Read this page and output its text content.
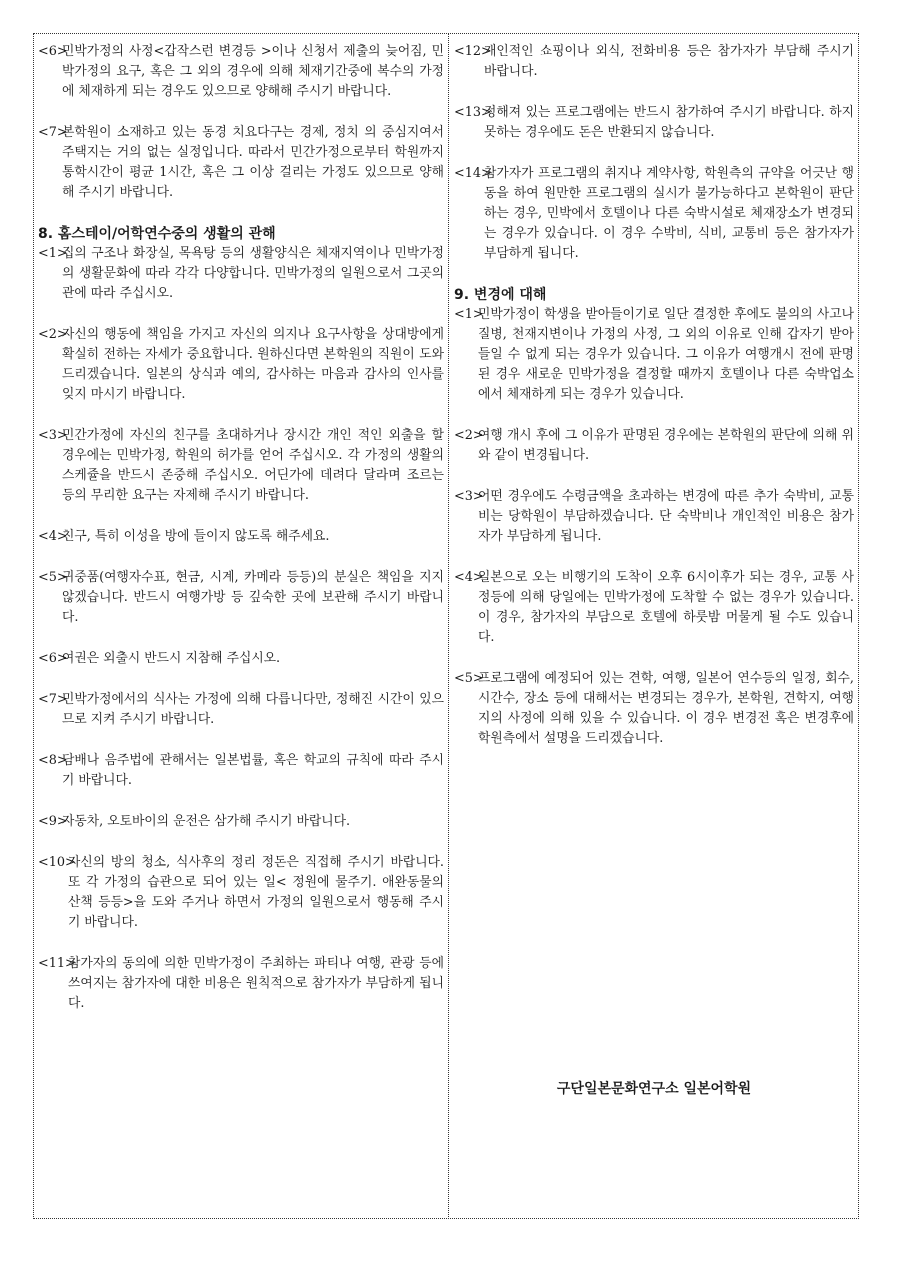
<6>
민박가정의 사정<갑작스런 변경등 >이나 신청서 제출의 늦어짐, 민박가정의 요구, 혹은 그 외의 경우에 의해 체재기간중에 복수의 가정에 체재하게 되는 경우도 있으므로 양해해 주시기 바랍니다.
<7>
본학원이 소재하고 있는 동경 치요다구는 경제, 정치 의 중심지여서 주택지는 거의 없는 실정입니다. 따라서 민간가정으로부터 학원까지 통학시간이 평균 1시간, 혹은 그 이상 걸리는 가정도 있으므로 양해해 주시기 바랍니다.
8. 홈스테이/어학연수중의 생활의 관해
<1>
집의 구조나 화장실, 목욕탕 등의 생활양식은 체재지역이나 민박가정의 생활문화에 따라 각각 다양합니다. 민박가정의 일원으로서 그곳의 관에 따라 주십시오.
<2>
자신의 행동에 책임을 가지고 자신의 의지나 요구사항을 상대방에게 확실히 전하는 자세가 중요합니다. 원하신다면 본학원의 직원이 도와 드리겠습니다. 일본의 상식과 예의, 감사하는 마음과 감사의 인사를 잊지 마시기 바랍니다.
<3>
민간가정에 자신의 친구를 초대하거나 장시간 개인 적인 외출을 할 경우에는 민박가정, 학원의 허가를 얻어 주십시오. 각 가정의 생활의 스케쥴을 반드시 존중해 주십시오. 어딘가에 데려다 달라며 조르는 등의 무리한 요구는 자제해 주시기 바랍니다.
<4>
친구, 특히 이성을 방에 들이지 않도록 해주세요.
<5>
귀중품(여행자수표, 현금, 시계, 카메라 등등)의 분실은 책임을 지지 않겠습니다. 반드시 여행가방 등 깊숙한 곳에 보관해 주시기 바랍니다.
<6>
여권은 외출시 반드시 지참해 주십시오.
<7>
민박가정에서의 식사는 가정에 의해 다릅니다만, 정해진 시간이 있으므로 지켜 주시기 바랍니다.
<8>
담배나 음주법에 관해서는 일본법률, 혹은 학교의 규칙에 따라 주시기 바랍니다.
<9>
자동차, 오토바이의 운전은 삼가해 주시기 바랍니다.
<10>
자신의 방의 청소, 식사후의 정리 정돈은 직접해 주시기 바랍니다. 또 각 가정의 습관으로 되어 있는 일< 정원에 물주기. 애완동물의 산책 등등>을 도와 주거나 하면서 가정의 일원으로서 행동해 주시기 바랍니다.
<11>
참가자의 동의에 의한 민박가정이 주최하는 파티나 여행, 관광 등에 쓰여지는 참가자에 대한 비용은 원칙적으로 참가자가 부담하게 됩니다.
<12>
개인적인 쇼핑이나 외식, 전화비용 등은 참가자가 부담해 주시기 바랍니다.
<13>
정해져 있는 프로그램에는 반드시 참가하여 주시기 바랍니다. 하지 못하는 경우에도 돈은 반환되지 않습니다.
<14>
참가자가 프로그램의 취지나 계약사항, 학원측의 규약을 어긋난 행동을 하여 원만한 프로그램의 실시가 불가능하다고 본학원이 판단하는 경우, 민박에서 호텔이나 다른 숙박시설로 체재장소가 변경되는 경우가 있습니다. 이 경우 수박비, 식비, 교통비 등은 참가자가 부담하게 됩니다.
9. 변경에 대해
<1>
민박가정이 학생을 받아들이기로 일단 결정한 후에도 불의의 사고나 질병, 천재지변이나 가정의 사정, 그 외의 이유로 인해 갑자기 받아들일 수 없게 되는 경우가 있습니다. 그 이유가 여행개시 전에 판명된 경우 새로운 민박가정을 결정할 때까지 호텔이나 다른 숙박업소에서 체재하게 되는 경우가 있습니다.
<2>
여행 개시 후에 그 이유가 판명된 경우에는 본학원의 판단에 의해 위와 같이 변경됩니다.
<3>
어떤 경우에도 수령금액을 초과하는 변경에 따른 추가 숙박비, 교통비는 당학원이 부담하겠습니다. 단 숙박비나 개인적인 비용은 참가자가 부담하게 됩니다.
<4>
일본으로 오는 비행기의 도착이 오후 6시이후가 되는 경우, 교통 사정등에 의해 당일에는 민박가정에 도착할 수 없는 경우가 있습니다. 이 경우, 참가자의 부담으로 호텔에 하룻밤 머물게 될 수도 있습니다.
<5>
프로그램에 예정되어 있는 견학, 여행, 일본어 연수등의 일정, 회수, 시간수, 장소 등에 대해서는 변경되는 경우가, 본학원, 견학지, 여행지의 사정에 의해 있을 수 있습니다. 이 경우 변경전 혹은 변경후에 학원측에서 설명을 드리겠습니다.
구단일본문화연구소 일본어학원
